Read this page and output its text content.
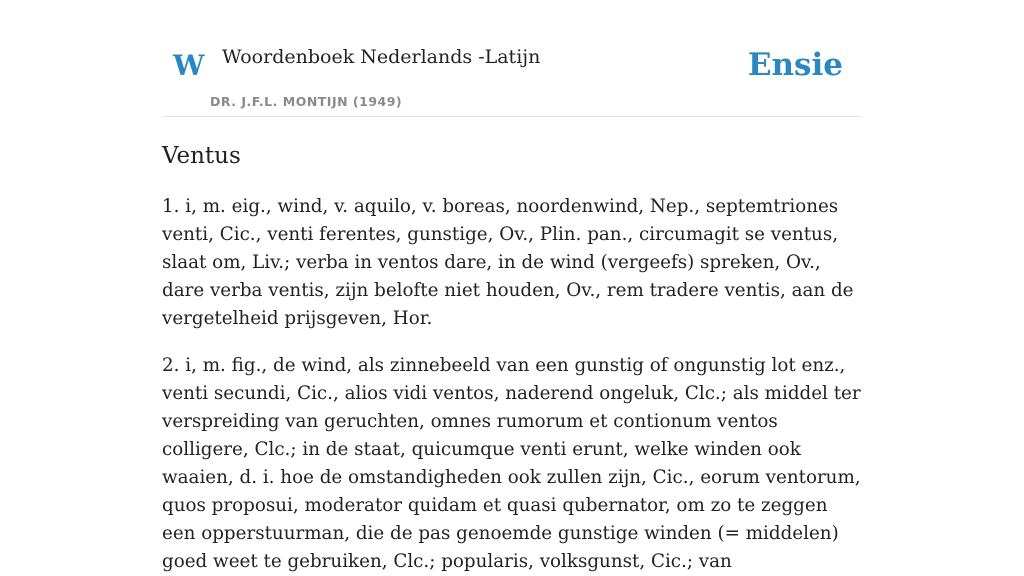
W Woordenboek Nederlands -Latijn
DR. J.F.L. MONTIJN (1949)
Ensie
Ventus

1. i, m. eig., wind, v. aquilo, v. boreas, noordenwind, Nep., septemtriones venti, Cic., venti ferentes, gunstige, Ov., Plin. pan., circumagit se ventus, slaat om, Liv.; verba in ventos dare, in de wind (vergeefs) spreken, Ov., dare verba ventis, zijn belofte niet houden, Ov., rem tradere ventis, aan de vergetelheid prijsgeven, Hor.

2. i, m. fig., de wind, als zinnebeeld van een gunstig of ongunstig lot enz., venti secundi, Cic., alios vidi ventos, naderend ongeluk, Clc.; als middel ter verspreiding van geruchten, omnes rumorum et contionum ventos colligere, Clc.; in de staat, quicumque venti erunt, welke winden ook waaien, d. i. hoe de omstandigheden ook zullen zijn, Cic., eorum ventorum, quos proposui, moderator quidam et quasi qubernator, om zo te zeggen een opperstuurman, die de pas genoemde gunstige winden (= middelen) goed weet te gebruiken, Clc.; popularis, volksgunst, Cic.; van
